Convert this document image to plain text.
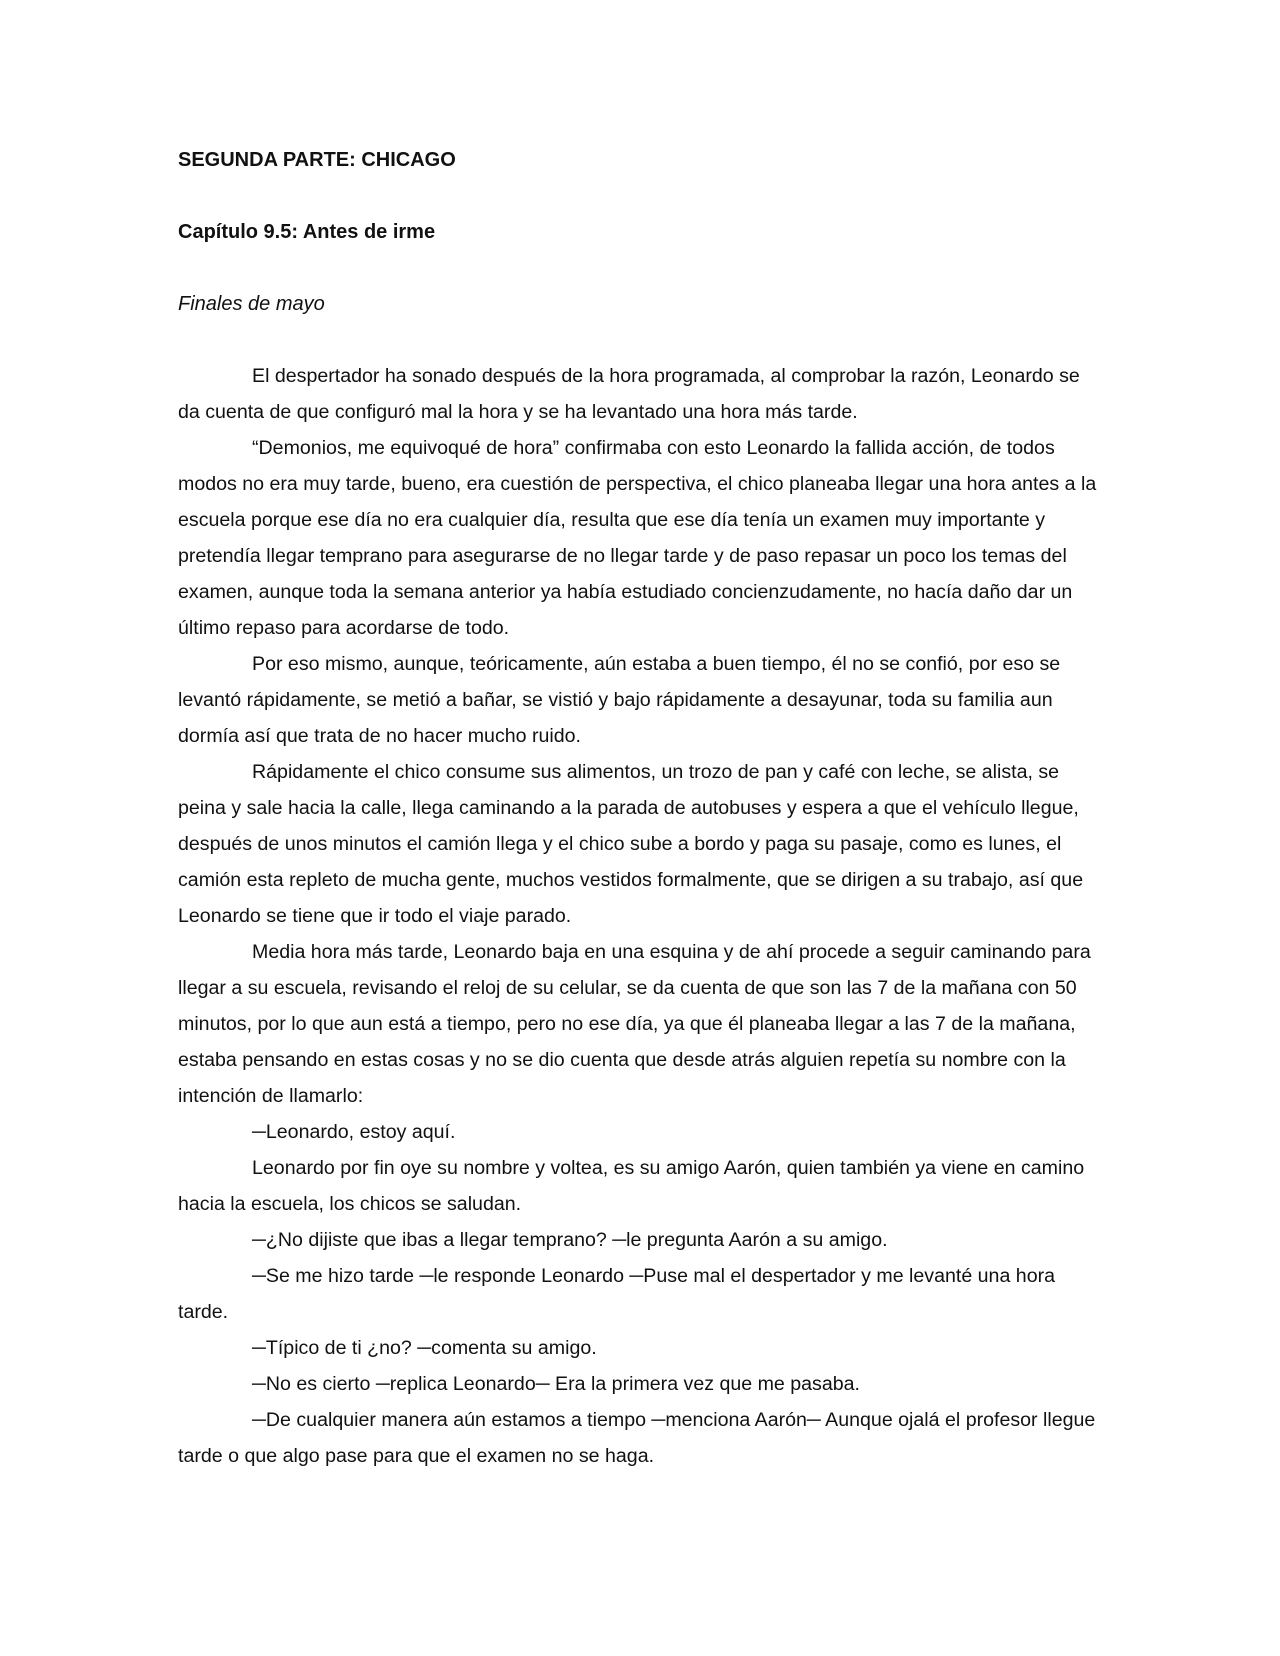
SEGUNDA PARTE: CHICAGO
Capítulo 9.5: Antes de irme

Finales de mayo

El despertador ha sonado después de la hora programada, al comprobar la razón, Leonardo se da cuenta de que configuró mal la hora y se ha levantado una hora más tarde.

“Demonios, me equivoqué de hora” confirmaba con esto Leonardo la fallida acción, de todos modos no era muy tarde, bueno, era cuestión de perspectiva, el chico planeaba llegar una hora antes a la escuela porque ese día no era cualquier día, resulta que ese día tenía un examen muy importante y pretendía llegar temprano para asegurarse de no llegar tarde y de paso repasar un poco los temas del examen, aunque toda la semana anterior ya había estudiado concienzudamente, no hacía daño dar un último repaso para acordarse de todo.

Por eso mismo, aunque, teóricamente, aún estaba a buen tiempo, él no se confió, por eso se levantó rápidamente, se metió a bañar, se vistió y bajo rápidamente a desayunar, toda su familia aun dormía así que trata de no hacer mucho ruido.

Rápidamente el chico consume sus alimentos, un trozo de pan y café con leche, se alista, se peina y sale hacia la calle, llega caminando a la parada de autobuses y espera a que el vehículo llegue, después de unos minutos el camión llega y el chico sube a bordo y paga su pasaje, como es lunes, el camión esta repleto de mucha gente, muchos vestidos formalmente, que se dirigen a su trabajo, así que Leonardo se tiene que ir todo el viaje parado.

Media hora más tarde, Leonardo baja en una esquina y de ahí procede a seguir caminando para llegar a su escuela, revisando el reloj de su celular, se da cuenta de que son las 7 de la mañana con 50 minutos, por lo que aun está a tiempo, pero no ese día, ya que él planeaba llegar a las 7 de la mañana, estaba pensando en estas cosas y no se dio cuenta que desde atrás alguien repetía su nombre con la intención de llamarlo:

─Leonardo, estoy aquí.

Leonardo por fin oye su nombre y voltea, es su amigo Aarón, quien también ya viene en camino hacia la escuela, los chicos se saludan.

─¿No dijiste que ibas a llegar temprano? ─le pregunta Aarón a su amigo.

─Se me hizo tarde ─le responde Leonardo ─Puse mal el despertador y me levanté una hora tarde.

─Típico de ti ¿no? ─comenta su amigo.

─No es cierto ─replica Leonardo─ Era la primera vez que me pasaba.

─De cualquier manera aún estamos a tiempo ─menciona Aarón─ Aunque ojalá el profesor llegue tarde o que algo pase para que el examen no se haga.
